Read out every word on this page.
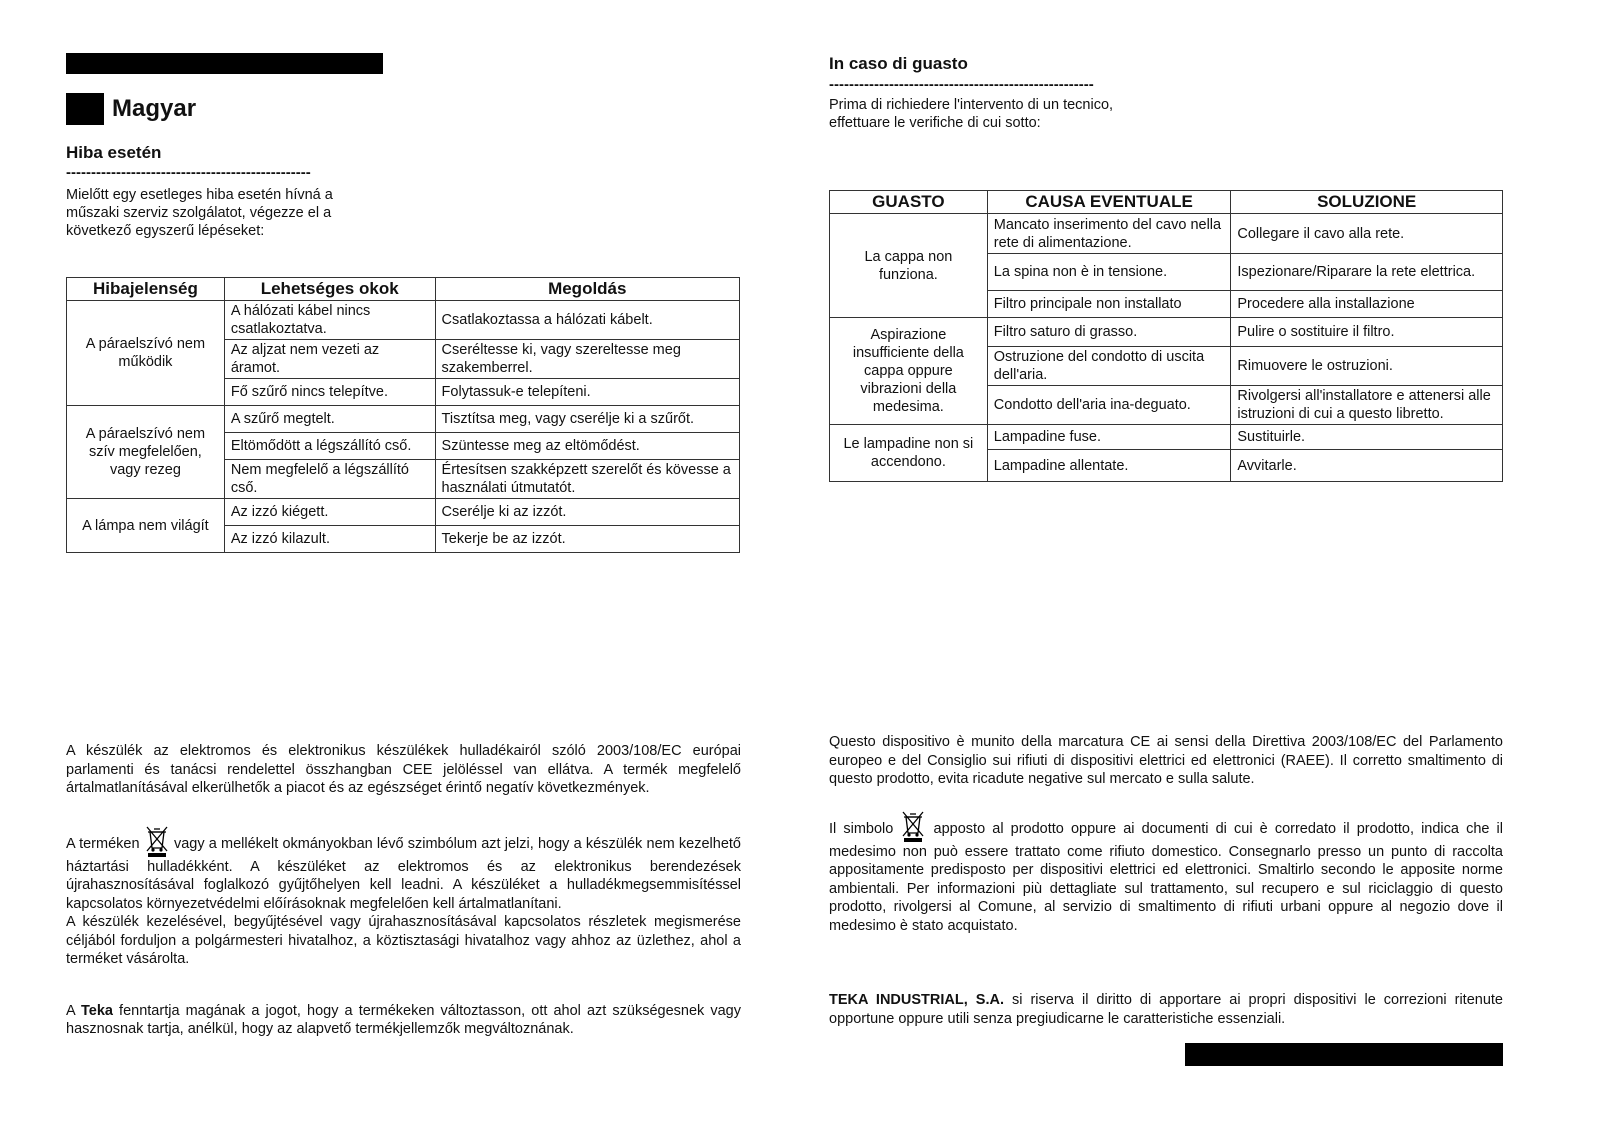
Magyar
Hiba esetén
-------------------------------------------------
Mielőtt egy esetleges hiba esetén hívná a műszaki szerviz szolgálatot, végezze el a következő egyszerű lépéseket:
Hibajelenség	Lehetséges okok	Megoldás
A páraelszívó nem működik	A hálózati kábel nincs csatlakoztatva.	Csatlakoztassa a hálózati kábelt.
	Az aljzat nem vezeti az áramot.	Cseréltesse ki, vagy szereltesse meg szakemberrel.
	Fő szűrő nincs telepítve.	Folytassuk-e telepíteni.
A páraelszívó nem szív megfelelően, vagy rezeg	A szűrő megtelt.	Tisztítsa meg, vagy cserélje ki a szűrőt.
	Eltömődött a légszállító cső.	Szüntesse meg az eltömődést.
	Nem megfelelő a légszállító cső.	Értesítsen szakképzett szerelőt és kövesse a használati útmutatót.
A lámpa nem világít	Az izzó kiégett.	Cserélje ki az izzót.
	Az izzó kilazult.	Tekerje be az izzót.

A készülék az elektromos és elektronikus készülékek hulladékairól szóló 2003/108/EC európai parlamenti és tanácsi rendelettel összhangban CEE jelöléssel van ellátva. A termék megfelelő ártalmatlanításával elkerülhetők a piacot és az egészséget érintő negatív következmények.

A terméken vagy a mellékelt okmányokban lévő szimbólum azt jelzi, hogy a készülék nem kezelhető háztartási hulladékként. A készüléket az elektromos és az elektronikus berendezések újrahasznosításával foglalkozó gyűjtőhelyen kell leadni. A készüléket a hulladékmegsemmisítéssel kapcsolatos környezetvédelmi előírásoknak megfelelően kell ártalmatlanítani.

A készülék kezelésével, begyűjtésével vagy újrahasznosításával kapcsolatos részletek megismerése céljából forduljon a polgármesteri hivatalhoz, a köztisztasági hivatalhoz vagy ahhoz az üzlethez, ahol a terméket vásárolta.

A Teka fenntartja magának a jogot, hogy a termékeken változtasson, ott ahol azt szükségesnek vagy hasznosnak tartja, anélkül, hogy az alapvető termékjellemzők megváltoznának.

In caso di guasto
-----------------------------------------------------
Prima di richiedere l'intervento di un tecnico, effettuare le verifiche di cui sotto:
GUASTO	CAUSA EVENTUALE	SOLUZIONE
La cappa non funziona.	Mancato inserimento del cavo nella rete di alimentazione.	Collegare il cavo alla rete.
	La spina non è in tensione.	Ispezionare/Riparare la rete elettrica.
	Filtro principale non installato	Procedere alla installazione
Aspirazione insufficiente della cappa oppure vibrazioni della medesima.	Filtro saturo di grasso.	Pulire o sostituire il filtro.
	Ostruzione del condotto di uscita dell'aria.	Rimuovere le ostruzioni.
	Condotto dell'aria ina-deguato.	Rivolgersi all'installatore e attenersi alle istruzioni di cui a questo libretto.
Le lampadine non si accendono.	Lampadine fuse.	Sustituirle.
	Lampadine allentate.	Avvitarle.

Questo dispositivo è munito della marcatura CE ai sensi della Direttiva 2003/108/EC del Parlamento europeo e del Consiglio sui rifiuti di dispositivi elettrici ed elettronici (RAEE). Il corretto smaltimento di questo prodotto, evita ricadute negative sul mercato e sulla salute.

Il simbolo	apposto al prodotto oppure ai documenti di cui è corredato il prodotto, indica che il medesimo non può essere trattato come rifiuto domestico. Consegnarlo presso un punto di raccolta appositamente predisposto per dispositivi elettrici ed elettronici. Smaltirlo secondo le apposite norme ambientali. Per informazioni più dettagliate sul trattamento, sul recupero e sul riciclaggio di questo prodotto, rivolgersi al Comune, al servizio di smaltimento di rifiuti urbani oppure al negozio dove il medesimo è stato acquistato.

TEKA INDUSTRIAL, S.A. si riserva il diritto di apportare ai propri dispositivi le correzioni ritenute opportune oppure utili senza pregiudicarne le caratteristiche essenziali.
